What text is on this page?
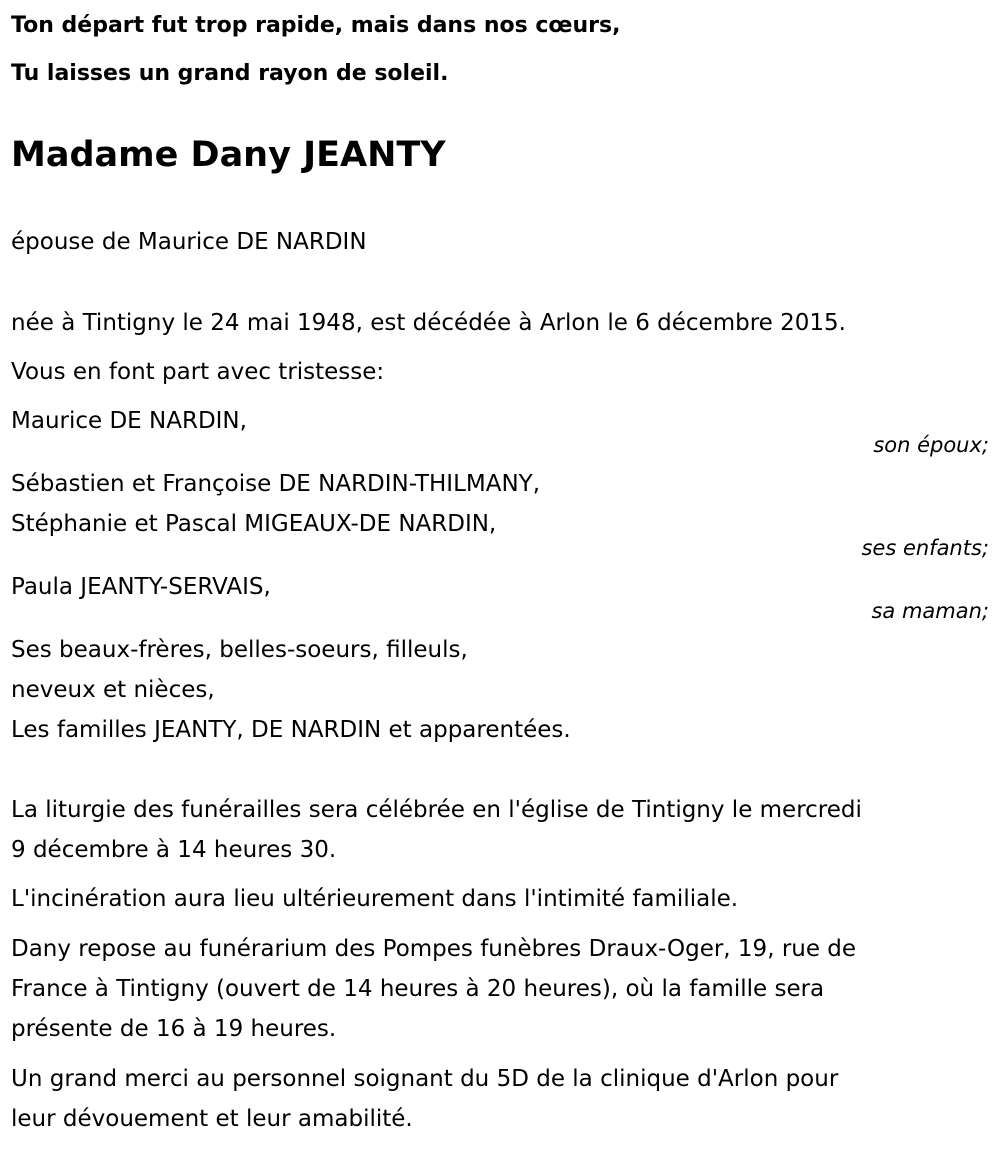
Ton départ fut trop rapide, mais dans nos cœurs,
Tu laisses un grand rayon de soleil.
Madame Dany JEANTY
épouse de Maurice DE NARDIN
née à Tintigny le 24 mai 1948, est décédée à Arlon le 6 décembre 2015.
Vous en font part avec tristesse:
Maurice DE NARDIN,
son époux;
Sébastien et Françoise DE NARDIN-THILMANY,
Stéphanie et Pascal MIGEAUX-DE NARDIN,
ses enfants;
Paula JEANTY-SERVAIS,
sa maman;
Ses beaux-frères, belles-soeurs, filleuls,
neveux et nièces,
Les familles JEANTY, DE NARDIN et apparentées.
La liturgie des funérailles sera célébrée en l'église de Tintigny le mercredi
9 décembre à 14 heures 30.
L'incinération aura lieu ultérieurement dans l'intimité familiale.
Dany repose au funérarium des Pompes funèbres Draux-Oger, 19, rue de
France à Tintigny (ouvert de 14 heures à 20 heures), où la famille sera
présente de 16 à 19 heures.
Un grand merci au personnel soignant du 5D de la clinique d'Arlon pour
leur dévouement et leur amabilité.
